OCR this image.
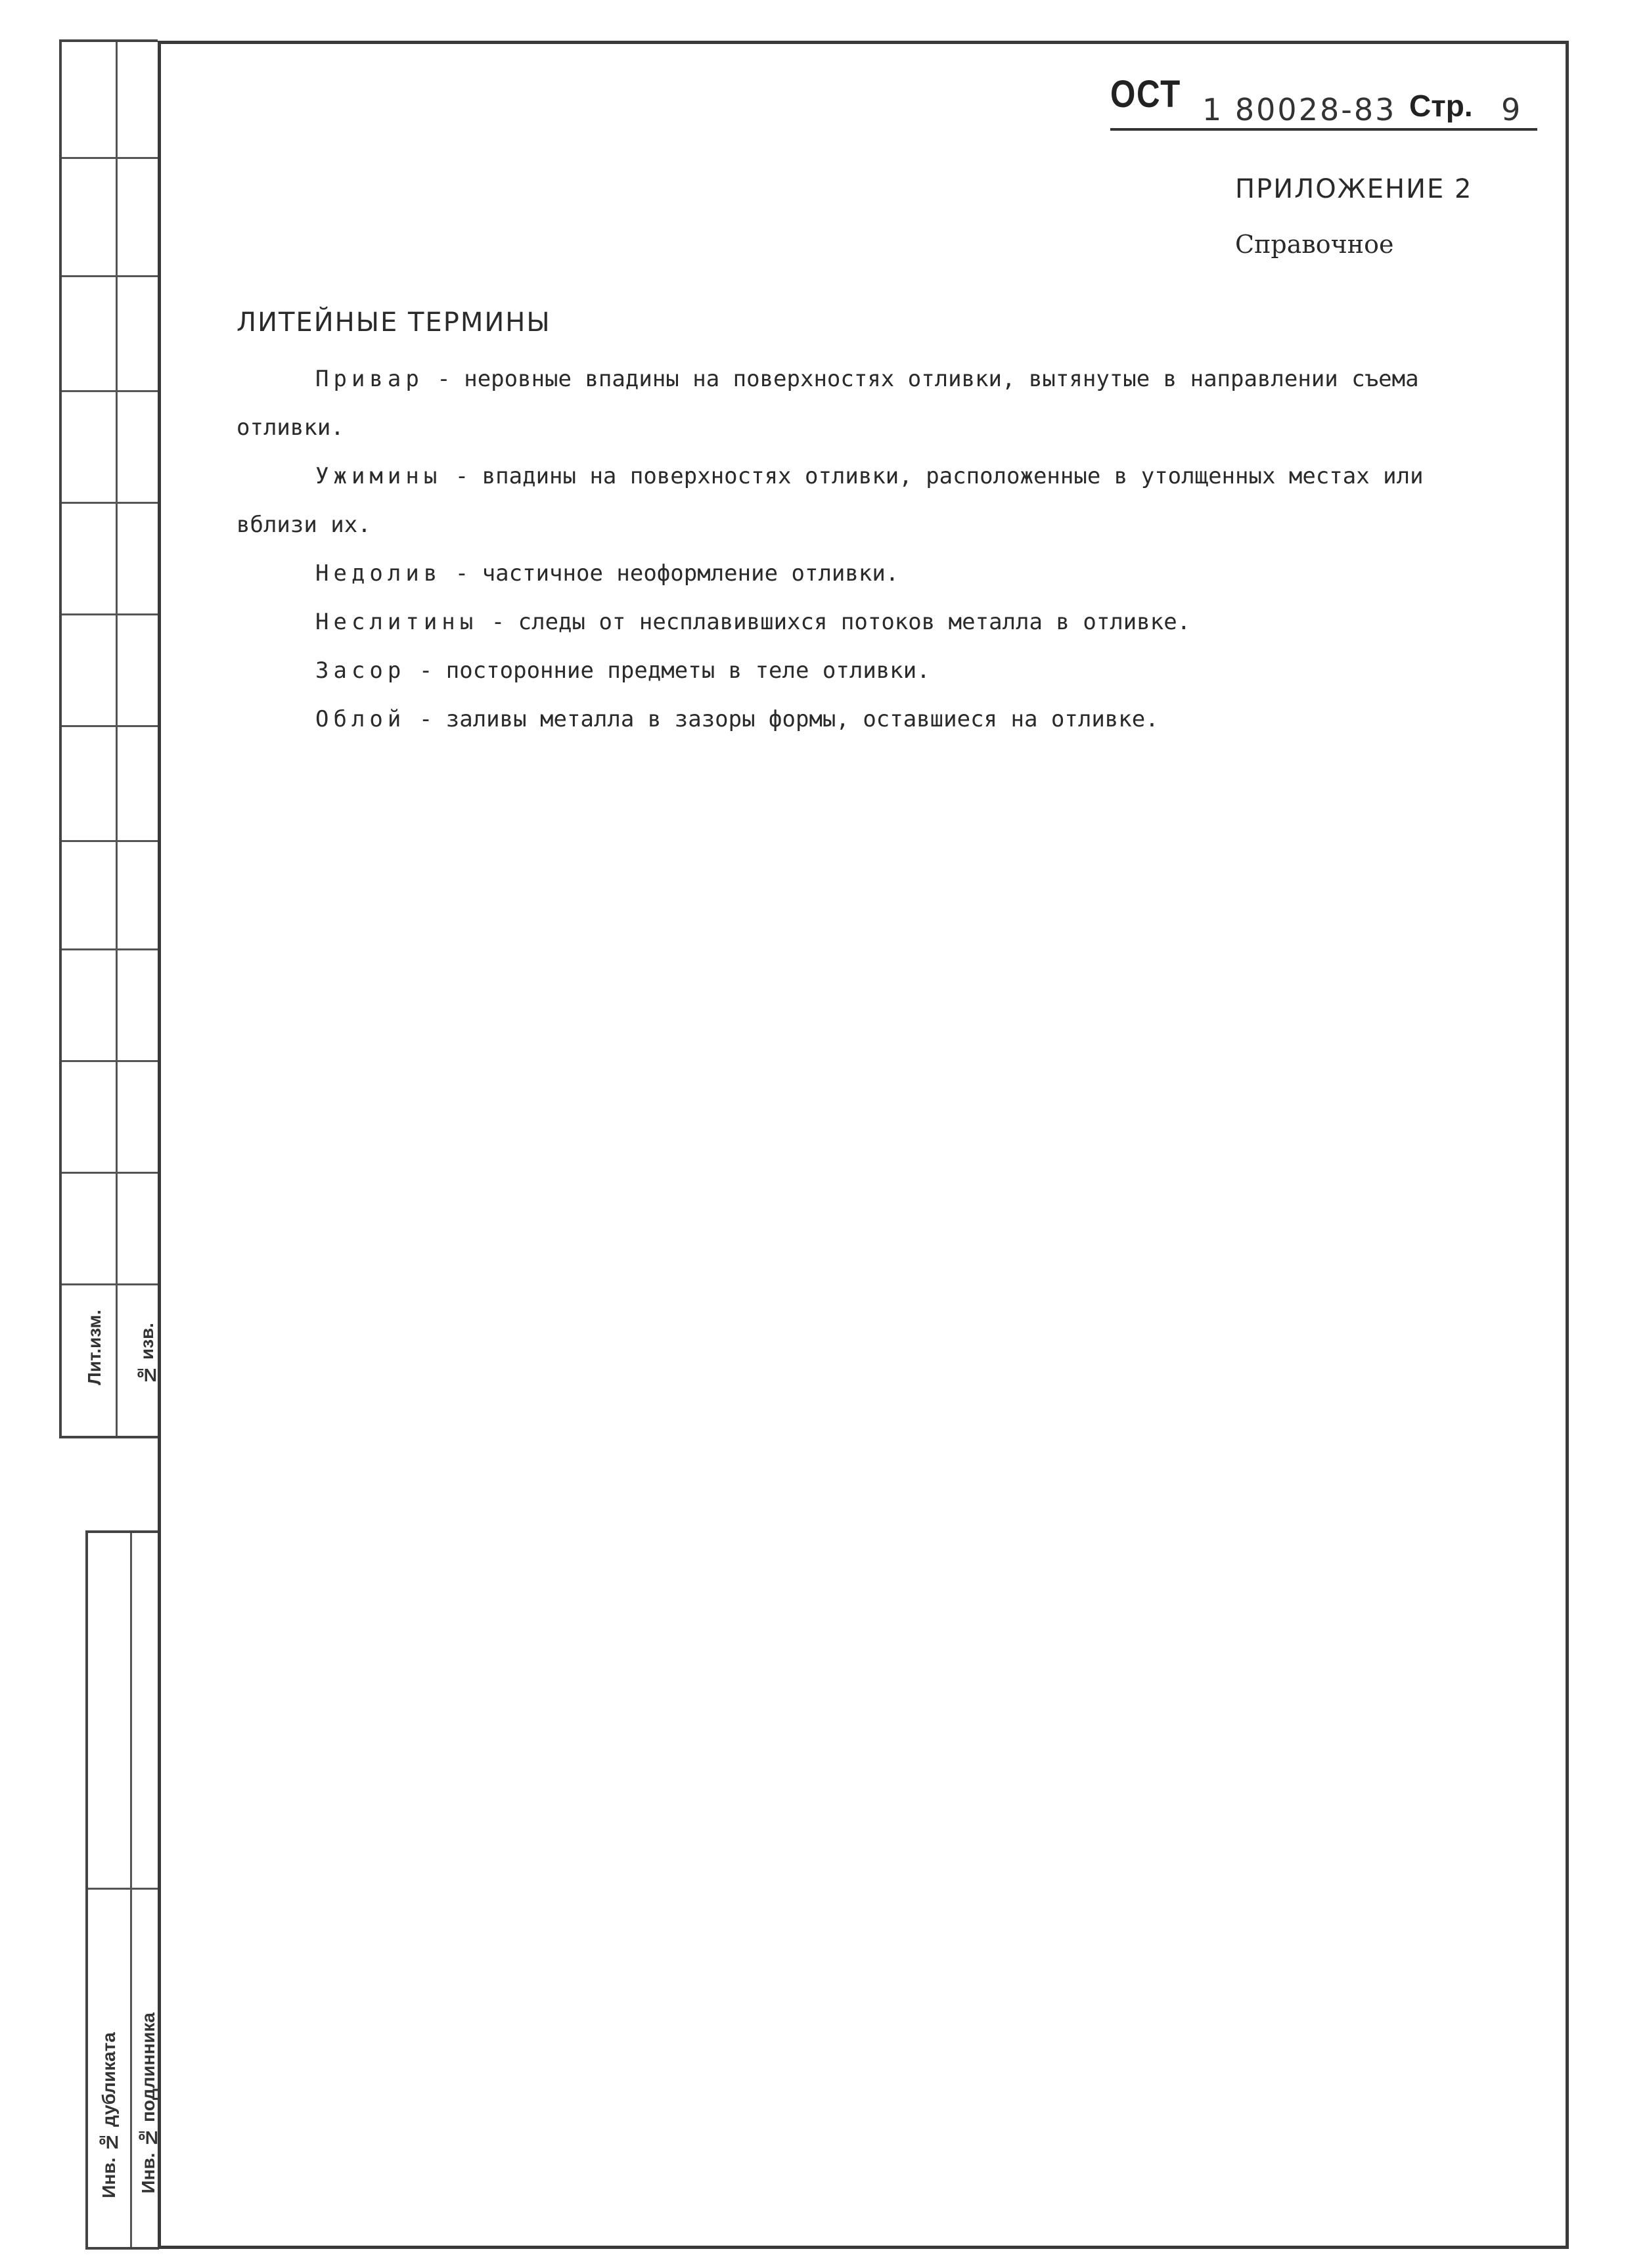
Лит.изм. № изв.
Инв. № дубликата Инв. № подлинника
ОСТ 1 80028-83 Стр. 9
ПРИЛОЖЕНИЕ 2
Справочное
ЛИТЕЙНЫЕ ТЕРМИНЫ

Привар - неровные впадины на поверхностях отливки, вытянутые в направлении съема отливки.

Ужимины - впадины на поверхностях отливки, расположенные в утолщенных местах или вблизи их.

Недолив - частичное неоформление отливки.

Неслитины - следы от несплавившихся потоков металла в отливке.

Засор - посторонние предметы в теле отливки.

Облой - заливы металла в зазоры формы, оставшиеся на отливке.
